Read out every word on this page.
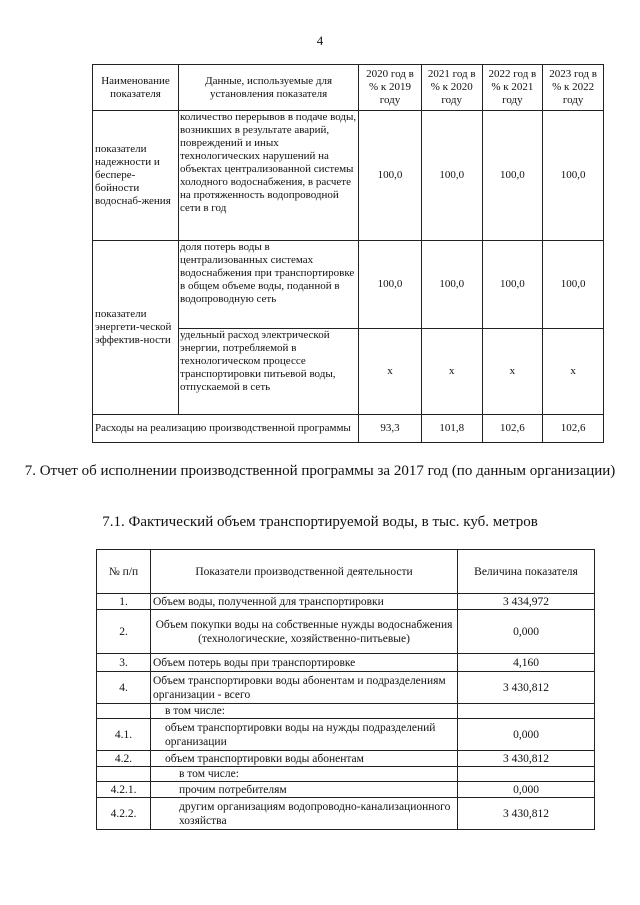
4
Наименование показателя	Данные, используемые для установления показателя	2020 год в % к 2019 году	2021 год в % к 2020 году	2022 год в % к 2021 году	2023 год в % к 2022 году
показатели надежности и беспере-бойности водоснаб-жения	количество перерывов в подаче воды, возникших в результате аварий, повреждений и иных технологических нарушений на объектах централизованной системы холодного водоснабжения, в расчете на протяженность водопроводной сети в год	100,0	100,0	100,0	100,0
показатели энергети-ческой эффектив-ности	доля потерь воды в централизованных системах водоснабжения при транспортировке в общем объеме воды, поданной в водопроводную сеть	100,0	100,0	100,0	100,0
	удельный расход электрической энергии, потребляемой в технологическом процессе транспортировки питьевой воды, отпускаемой в сеть	х	х	х	х
Расходы на реализацию производственной программы		93,3	101,8	102,6	102,6
7. Отчет об исполнении производственной программы за 2017 год (по данным организации)
7.1. Фактический объем транспортируемой воды, в тыс. куб. метров
№ п/п	Показатели производственной деятельности	Величина показателя
1.	Объем воды, полученной для транспортировки	3 434,972
2.	Объем покупки воды на собственные нужды водоснабжения (технологические, хозяйственно-питьевые)	0,000
3.	Объем потерь воды при транспортировке	4,160
4.	Объем транспортировки воды абонентам и подразделениям организации - всего	3 430,812
	в том числе:	
4.1.	объем транспортировки воды на нужды подразделений организации	0,000
4.2.	объем транспортировки воды абонентам	3 430,812
	в том числе:	
4.2.1.	прочим потребителям	0,000
4.2.2.	другим организациям водопроводно-канализационного хозяйства	3 430,812
